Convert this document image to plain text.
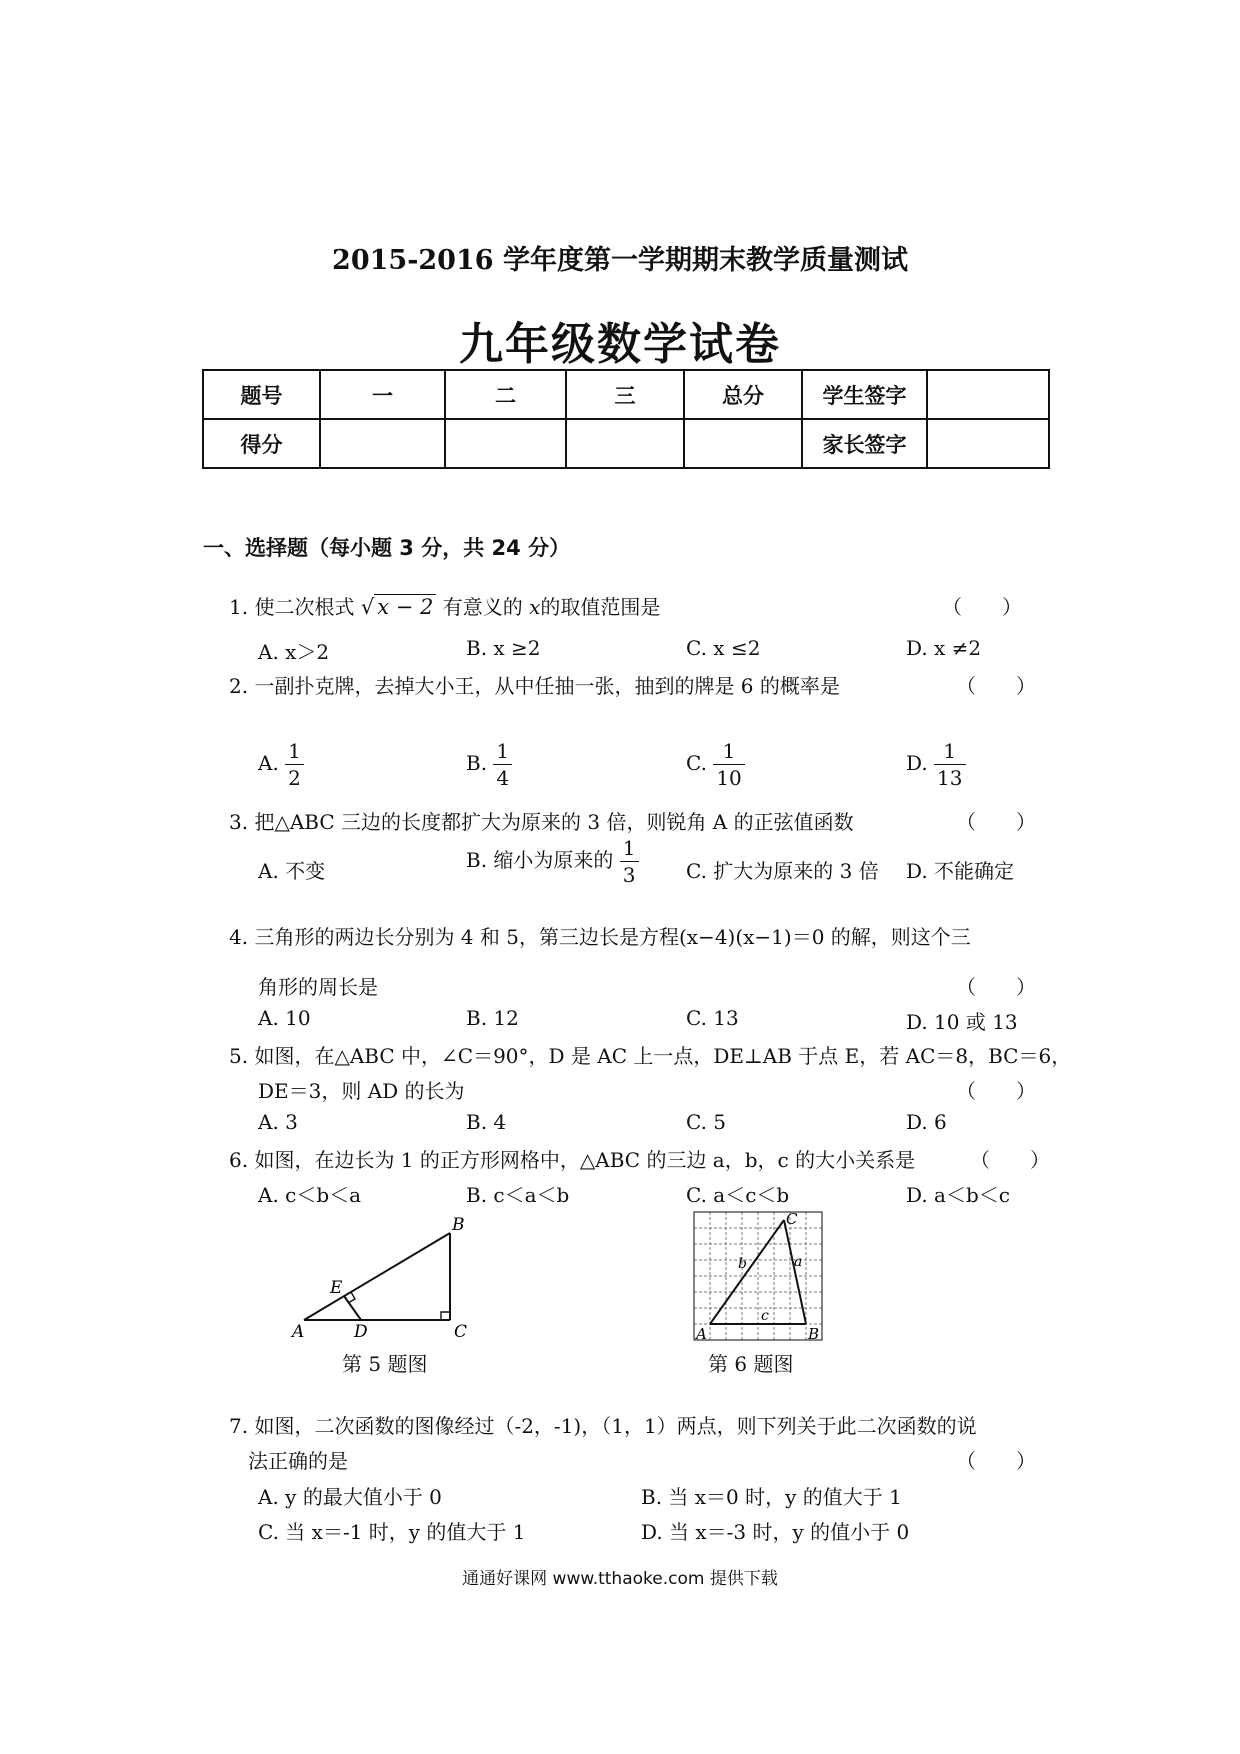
2015-2016 学年度第一学期期末教学质量测试
九年级数学试卷
题号	一	二	三	总分	学生签字	
得分					家长签字	
一、选择题（每小题 3 分，共 24 分）
1. 使二次根式 √ x − 2 有意义的 x的取值范围是	（　　）
A. x＞2	B. x ≥2	C. x ≤2	D. x ≠2
2. 一副扑克牌，去掉大小王，从中任抽一张，抽到的牌是 6 的概率是	（　　）
A. $\frac{1}{2}$	B. $\frac{1}{4}$	C. $\frac{1}{10}$	D. $\frac{1}{13}$
3. 把△ABC 三边的长度都扩大为原来的 3 倍，则锐角 A 的正弦值函数	（　　）
A. 不变	B. 缩小为原来的 $\frac{1}{3} C$. 扩大为原来的 3 倍 D. 不能确定
4. 三角形的两边长分别为 4 和 5，第三边长是方程(x−4)(x−1)＝0 的解，则这个三
角形的周长是	（　　）
A. 10	B. 12	C. 13	D. 10 或 13
5. 如图，在△ABC 中，∠C＝90°，D 是 AC 上一点，DE⊥AB 于点 E，若 AC＝8，BC＝6，
DE＝3，则 AD 的长为	（　　）
A. 3	B. 4	C. 5	D. 6
6. 如图，在边长为 1 的正方形网格中，△ABC 的三边 a，b，c 的大小关系是	（　　）
A. c＜b＜a	B. c＜a＜b	C. a＜c＜b	D. a＜b＜c
A
B
C
D
E
第 5 题图
A	B
C
a
b
c
第 6 题图
7. 如图，二次函数的图像经过（-2，-1)，（1，1）两点，则下列关于此二次函数的说
法正确的是	（　　）
A. y 的最大值小于 0	B. 当 x＝0 时，y 的值大于 1
C. 当 x＝-1 时，y 的值大于 1	D. 当 x＝-3 时，y 的值小于 0
通通好课网 www.tthaoke.com 提供下载
